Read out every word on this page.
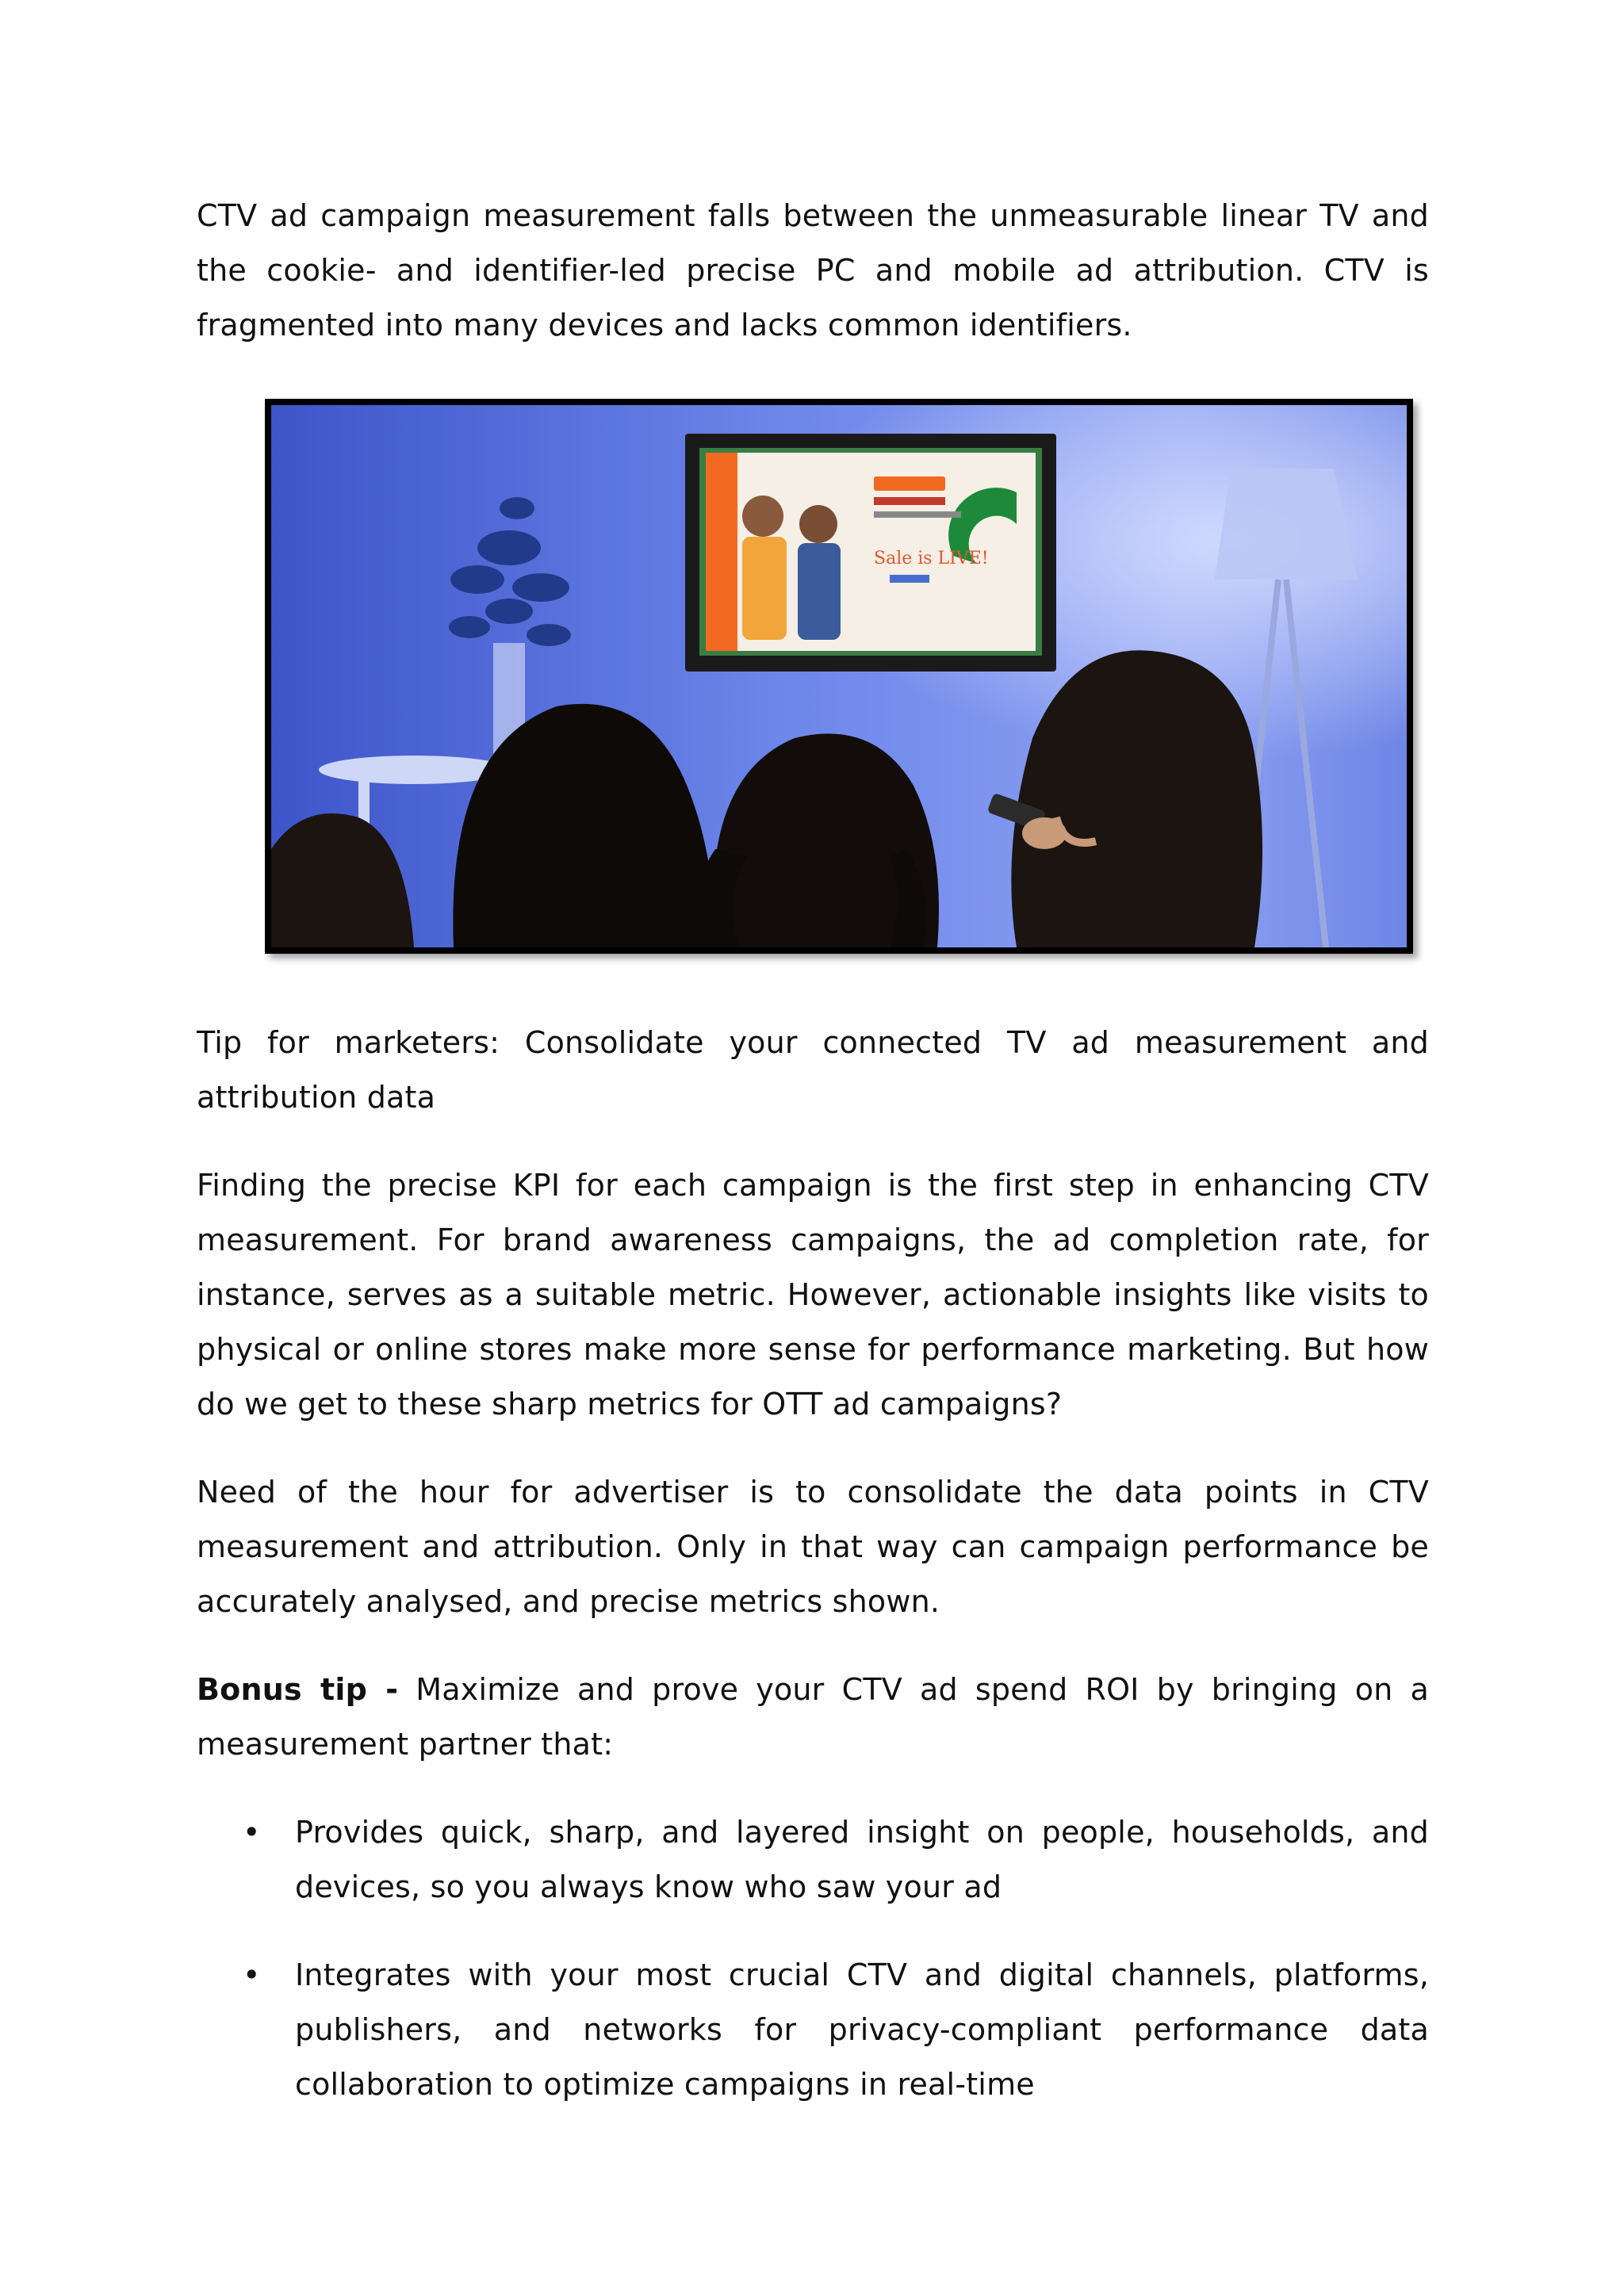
CTV ad campaign measurement falls between the unmeasurable linear TV and the cookie- and identifier-led precise PC and mobile ad attribution. CTV is fragmented into many devices and lacks common identifiers.

Sale is LIVE!

Tip for marketers: Consolidate your connected TV ad measurement and attribution data

Finding the precise KPI for each campaign is the first step in enhancing CTV measurement. For brand awareness campaigns, the ad completion rate, for instance, serves as a suitable metric. However, actionable insights like visits to physical or online stores make more sense for performance marketing. But how do we get to these sharp metrics for OTT ad campaigns?

Need of the hour for advertiser is to consolidate the data points in CTV measurement and attribution. Only in that way can campaign performance be accurately analysed, and precise metrics shown.

Bonus tip - Maximize and prove your CTV ad spend ROI by bringing on a measurement partner that:

• Provides quick, sharp, and layered insight on people, households, and devices, so you always know who saw your ad

• Integrates with your most crucial CTV and digital channels, platforms, publishers, and networks for privacy-compliant performance data collaboration to optimize campaigns in real-time
